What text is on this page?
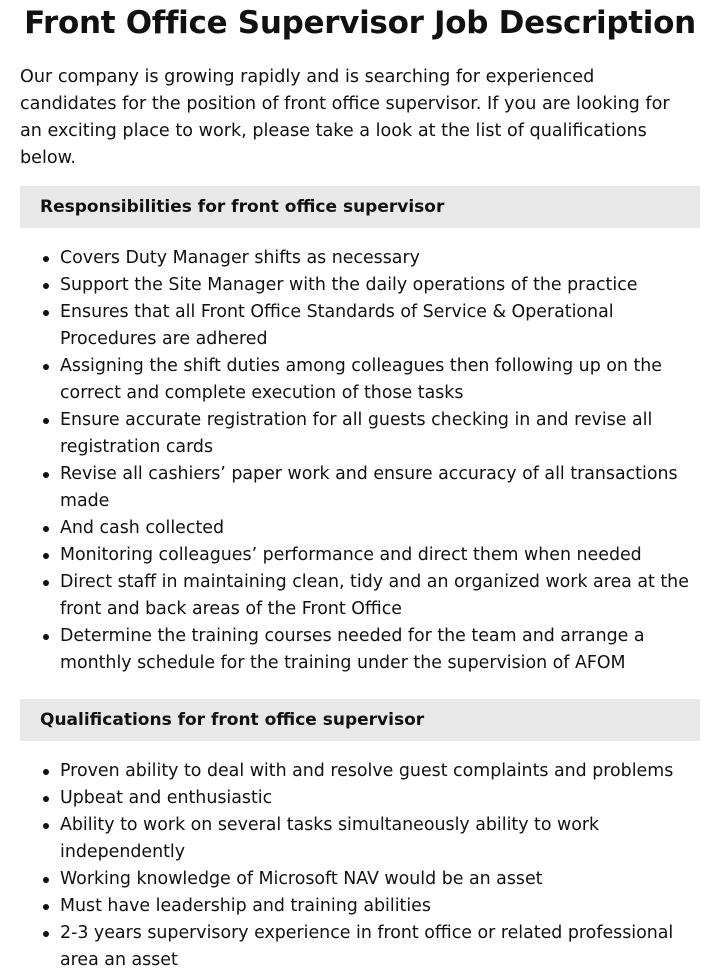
Front Office Supervisor Job Description

Our company is growing rapidly and is searching for experienced candidates for the position of front office supervisor. If you are looking for an exciting place to work, please take a look at the list of qualifications below.

Responsibilities for front office supervisor
Covers Duty Manager shifts as necessary
Support the Site Manager with the daily operations of the practice
Ensures that all Front Office Standards of Service & Operational Procedures are adhered
Assigning the shift duties among colleagues then following up on the correct and complete execution of those tasks
Ensure accurate registration for all guests checking in and revise all registration cards
Revise all cashiers’ paper work and ensure accuracy of all transactions made
And cash collected
Monitoring colleagues’ performance and direct them when needed
Direct staff in maintaining clean, tidy and an organized work area at the front and back areas of the Front Office
Determine the training courses needed for the team and arrange a monthly schedule for the training under the supervision of AFOM
Qualifications for front office supervisor
Proven ability to deal with and resolve guest complaints and problems
Upbeat and enthusiastic
Ability to work on several tasks simultaneously ability to work independently
Working knowledge of Microsoft NAV would be an asset
Must have leadership and training abilities
2-3 years supervisory experience in front office or related professional area an asset
